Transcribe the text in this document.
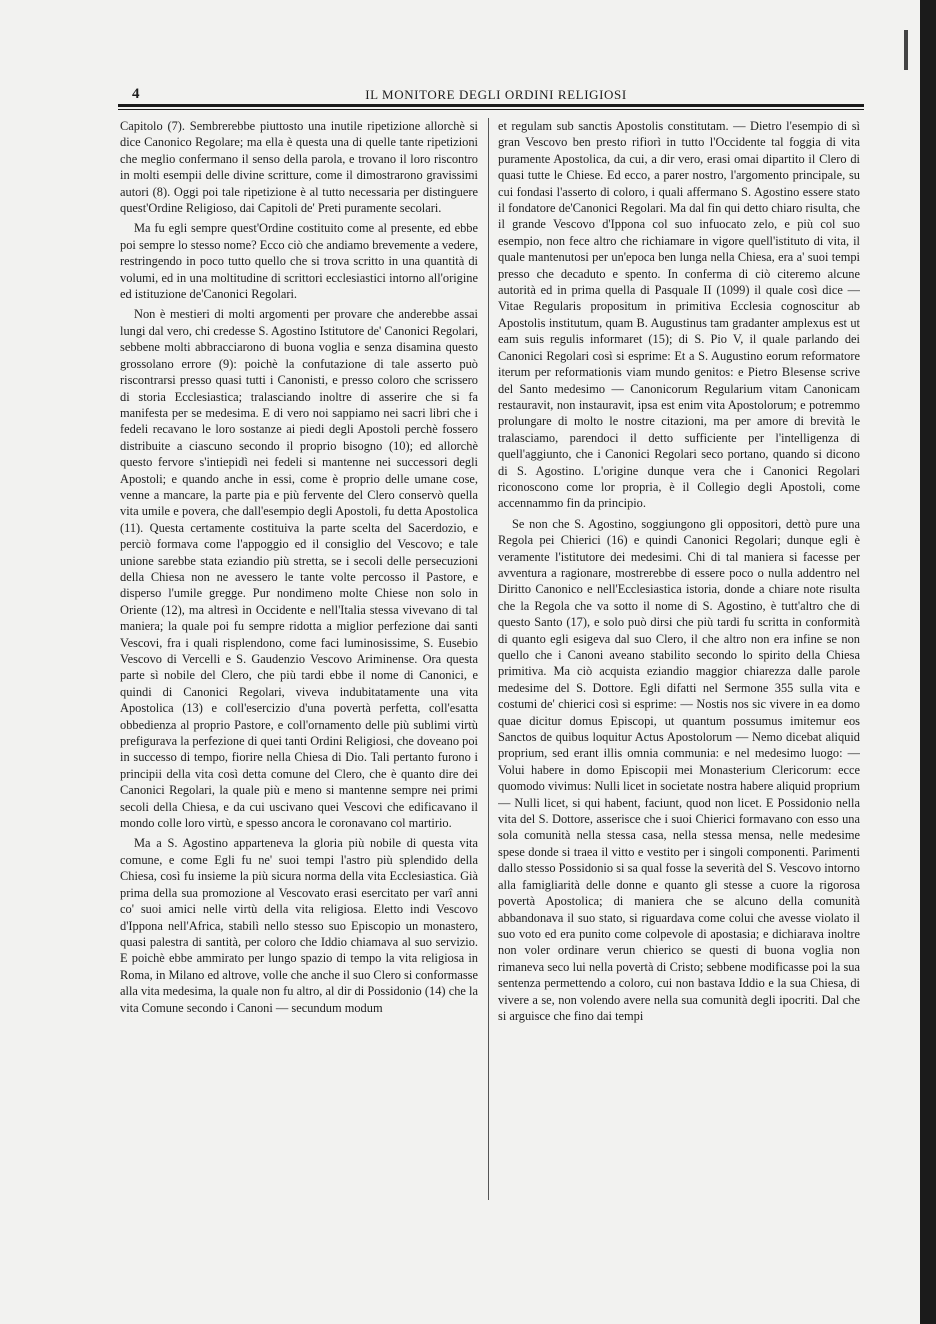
4	IL MONITORE DEGLI ORDINI RELIGIOSI

Capitolo (7). Sembrerebbe piuttosto una inutile ripetizione allorchè si dice Canonico Regolare; ma ella è questa una di quelle tante ripetizioni che meglio confermano il senso della parola, e trovano il loro riscontro in molti esempii delle divine scritture, come il dimostrarono gravissimi autori (8). Oggi poi tale ripetizione è al tutto necessaria per distinguere quest'Ordine Religioso, dai Capitoli de' Preti puramente secolari.

Ma fu egli sempre quest'Ordine costituito come al presente, ed ebbe poi sempre lo stesso nome? Ecco ciò che andiamo brevemente a vedere, restringendo in poco tutto quello che si trova scritto in una quantità di volumi, ed in una moltitudine di scrittori ecclesiastici intorno all'origine ed istituzione de'Canonici Regolari.

Non è mestieri di molti argomenti per provare che anderebbe assai lungi dal vero, chi credesse S. Agostino Istitutore de' Canonici Regolari, sebbene molti abbracciarono di buona voglia e senza disamina questo grossolano errore (9): poichè la confutazione di tale asserto può riscontrarsi presso quasi tutti i Canonisti, e presso coloro che scrissero di storia Ecclesiastica; tralasciando inoltre di asserire che si fa manifesta per se medesima. E di vero noi sappiamo nei sacri libri che i fedeli recavano le loro sostanze ai piedi degli Apostoli perchè fossero distribuite a ciascuno secondo il proprio bisogno (10); ed allorchè questo fervore s'intiepidì nei fedeli si mantenne nei successori degli Apostoli; e quando anche in essi, come è proprio delle umane cose, venne a mancare, la parte pia e più fervente del Clero conservò quella vita umile e povera, che dall'esempio degli Apostoli, fu detta Apostolica (11). Questa certamente costituiva la parte scelta del Sacerdozio, e perciò formava come l'appoggio ed il consiglio del Vescovo; e tale unione sarebbe stata eziandio più stretta, se i secoli delle persecuzioni della Chiesa non ne avessero le tante volte percosso il Pastore, e disperso l'umile gregge. Pur nondimeno molte Chiese non solo in Oriente (12), ma altresì in Occidente e nell'Italia stessa vivevano di tal maniera; la quale poi fu sempre ridotta a miglior perfezione dai santi Vescovi, fra i quali risplendono, come faci luminosissime, S. Eusebio Vescovo di Vercelli e S. Gaudenzio Vescovo Ariminense. Ora questa parte sì nobile del Clero, che più tardi ebbe il nome di Canonici, e quindi di Canonici Regolari, viveva indubitatamente una vita Apostolica (13) e coll'esercizio d'una povertà perfetta, coll'esatta obbedienza al proprio Pastore, e coll'ornamento delle più sublimi virtù prefigurava la perfezione di quei tanti Ordini Religiosi, che doveano poi in successo di tempo, fiorire nella Chiesa di Dio. Tali pertanto furono i principii della vita così detta comune del Clero, che è quanto dire dei Canonici Regolari, la quale più e meno si mantenne sempre nei primi secoli della Chiesa, e da cui uscivano quei Vescovi che edificavano il mondo colle loro virtù, e spesso ancora le coronavano col martirio.

Ma a S. Agostino apparteneva la gloria più nobile di questa vita comune, e come Egli fu ne' suoi tempi l'astro più splendido della Chiesa, così fu insieme la più sicura norma della vita Ecclesiastica. Già prima della sua promozione al Vescovato erasi esercitato per varî anni co' suoi amici nelle virtù della vita religiosa. Eletto indi Vescovo d'Ippona nell'Africa, stabilì nello stesso suo Episcopio un monastero, quasi palestra di santità, per coloro che Iddio chiamava al suo servizio. E poichè ebbe ammirato per lungo spazio di tempo la vita religiosa in Roma, in Milano ed altrove, volle che anche il suo Clero si conformasse alla vita medesima, la quale non fu altro, al dir di Possidonio (14) che la vita Comune secondo i Canoni — secundum modum

et regulam sub sanctis Apostolis constitutam. — Dietro l'esempio di sì gran Vescovo ben presto rifiorì in tutto l'Occidente tal foggia di vita puramente Apostolica, da cui, a dir vero, erasi omai dipartito il Clero di quasi tutte le Chiese. Ed ecco, a parer nostro, l'argomento principale, su cui fondasi l'asserto di coloro, i quali affermano S. Agostino essere stato il fondatore de'Canonici Regolari. Ma dal fin qui detto chiaro risulta, che il grande Vescovo d'Ippona col suo infuocato zelo, e più col suo esempio, non fece altro che richiamare in vigore quell'istituto di vita, il quale mantenutosi per un'epoca ben lunga nella Chiesa, era a' suoi tempi presso che decaduto e spento. In conferma di ciò citeremo alcune autorità ed in prima quella di Pasquale II (1099) il quale così dice — Vitae Regularis propositum in primitiva Ecclesia cognoscitur ab Apostolis institutum, quam B. Augustinus tam gradanter amplexus est ut eam suis regulis informaret (15); di S. Pio V, il quale parlando dei Canonici Regolari così si esprime: Et a S. Augustino eorum reformatore iterum per reformationis viam mundo genitos: e Pietro Blesense scrive del Santo medesimo — Canonicorum Regularium vitam Canonicam restauravit, non instauravit, ipsa est enim vita Apostolorum; e potremmo prolungare di molto le nostre citazioni, ma per amore di brevità le tralasciamo, parendoci il detto sufficiente per l'intelligenza di quell'aggiunto, che i Canonici Regolari seco portano, quando si dicono di S. Agostino. L'origine dunque vera che i Canonici Regolari riconoscono come lor propria, è il Collegio degli Apostoli, come accennammo fin da principio.

Se non che S. Agostino, soggiungono gli oppositori, dettò pure una Regola pei Chierici (16) e quindi Canonici Regolari; dunque egli è veramente l'istitutore dei medesimi. Chi di tal maniera si facesse per avventura a ragionare, mostrerebbe di essere poco o nulla addentro nel Diritto Canonico e nell'Ecclesiastica istoria, donde a chiare note risulta che la Regola che va sotto il nome di S. Agostino, è tutt'altro che di questo Santo (17), e solo può dirsi che più tardi fu scritta in conformità di quanto egli esigeva dal suo Clero, il che altro non era infine se non quello che i Canoni aveano stabilito secondo lo spirito della Chiesa primitiva. Ma ciò acquista eziandio maggior chiarezza dalle parole medesime del S. Dottore. Egli difatti nel Sermone 355 sulla vita e costumi de' chierici così si esprime: — Nostis nos sic vivere in ea domo quae dicitur domus Episcopi, ut quantum possumus imitemur eos Sanctos de quibus loquitur Actus Apostolorum — Nemo dicebat aliquid proprium, sed erant illis omnia communia: e nel medesimo luogo: — Volui habere in domo Episcopii mei Monasterium Clericorum: ecce quomodo vivimus: Nulli licet in societate nostra habere aliquid proprium — Nulli licet, si qui habent, faciunt, quod non licet. E Possidonio nella vita del S. Dottore, asserisce che i suoi Chierici formavano con esso una sola comunità nella stessa casa, nella stessa mensa, nelle medesime spese donde si traea il vitto e vestito per i singoli componenti. Parimenti dallo stesso Possidonio si sa qual fosse la severità del S. Vescovo intorno alla famigliarità delle donne e quanto gli stesse a cuore la rigorosa povertà Apostolica; di maniera che se alcuno della comunità abbandonava il suo stato, si riguardava come colui che avesse violato il suo voto ed era punito come colpevole di apostasia; e dichiarava inoltre non voler ordinare verun chierico se questi di buona voglia non rimaneva seco lui nella povertà di Cristo; sebbene modificasse poi la sua sentenza permettendo a coloro, cui non bastava Iddio e la sua Chiesa, di vivere a se, non volendo avere nella sua comunità degli ipocriti. Dal che si arguisce che fino dai tempi
